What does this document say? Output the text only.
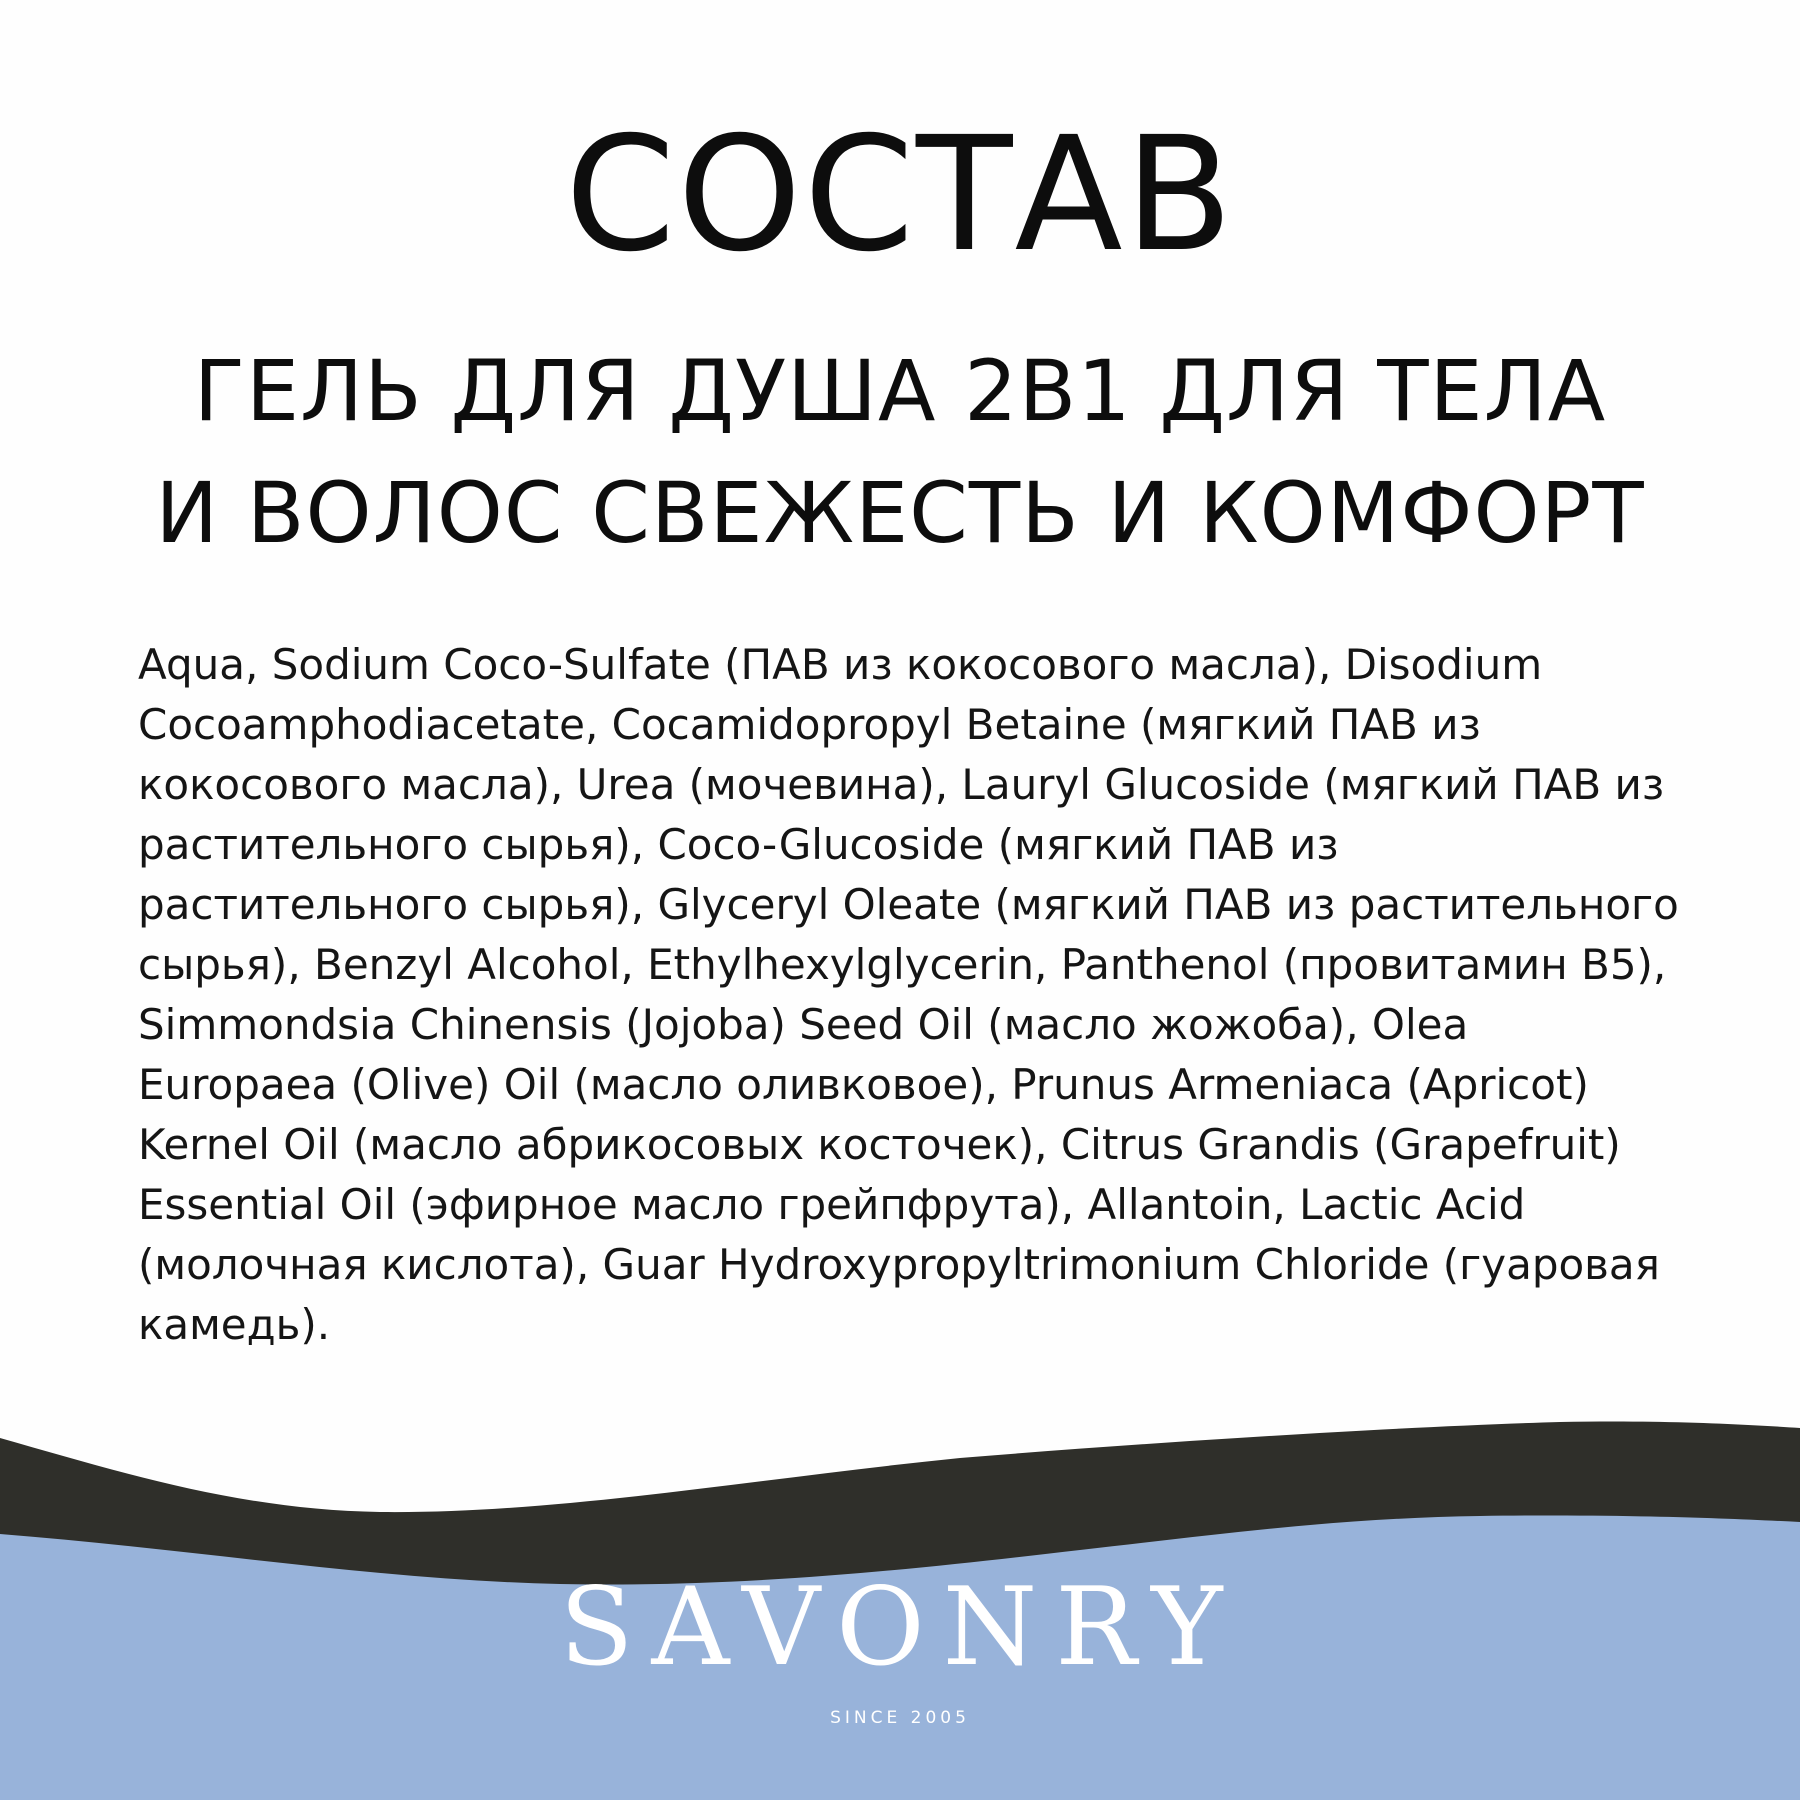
СОСТАВ
ГЕЛЬ ДЛЯ ДУША 2В1 ДЛЯ ТЕЛА
И ВОЛОС СВЕЖЕСТЬ И КОМФОРТ
Aqua, Sodium Coco-Sulfate (ПАВ из кокосового масла), Disodium
Cocoamphodiacetate, Cocamidopropyl Betaine (мягкий ПАВ из
кокосового масла), Urea (мочевина), Lauryl Glucoside (мягкий ПАВ из
растительного сырья), Coco-Glucoside (мягкий ПАВ из
растительного сырья), Glyceryl Oleate (мягкий ПАВ из растительного
сырья), Benzyl Alcohol, Ethylhexylglycerin, Panthenol (провитамин В5),
Simmondsia Chinensis (Jojoba) Seed Oil (масло жожоба), Olea
Europaea (Olive) Oil (масло оливковое), Prunus Armeniaca (Apricot)
Kernel Oil (масло абрикосовых косточек), Citrus Grandis (Grapefruit)
Essential Oil (эфирное масло грейпфрута), Allantoin, Lactic Acid
(молочная кислота), Guar Hydroxypropyltrimonium Chloride (гуаровая
камедь).
SAVONRY
SINCE 2005
